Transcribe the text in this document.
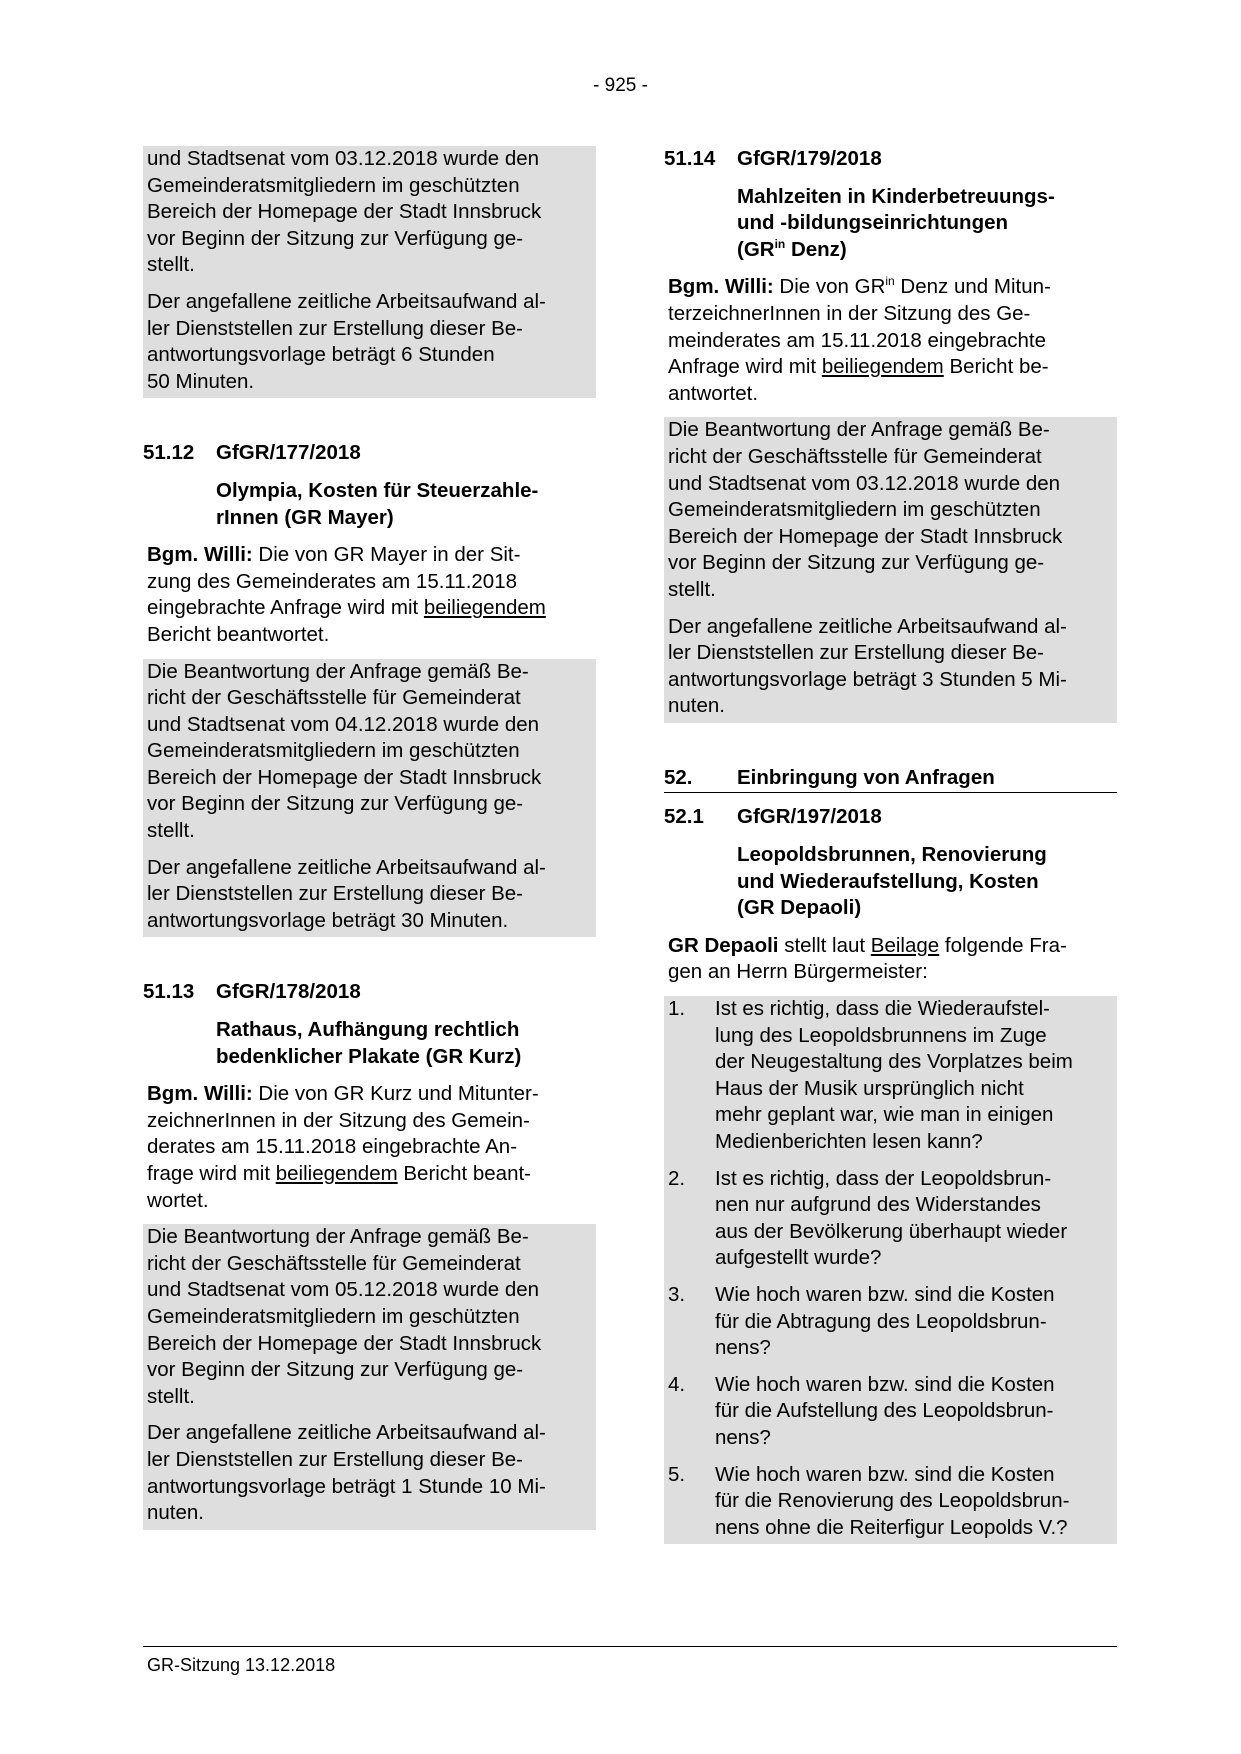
- 925 -

und Stadtsenat vom 03.12.2018 wurde den
Gemeinderatsmitgliedern im geschützten
Bereich der Homepage der Stadt Innsbruck
vor Beginn der Sitzung zur Verfügung ge-
stellt.

Der angefallene zeitliche Arbeitsaufwand al-
ler Dienststellen zur Erstellung dieser Be-
antwortungsvorlage beträgt 6 Stunden
50 Minuten.

51.12	GfGR/177/2018
Olympia, Kosten für Steuerzahle-
rInnen (GR Mayer)

Bgm. Willi: Die von GR Mayer in der Sit-
zung des Gemeinderates am 15.11.2018
eingebrachte Anfrage wird mit beiliegendem
Bericht beantwortet.

Die Beantwortung der Anfrage gemäß Be-
richt der Geschäftsstelle für Gemeinderat
und Stadtsenat vom 04.12.2018 wurde den
Gemeinderatsmitgliedern im geschützten
Bereich der Homepage der Stadt Innsbruck
vor Beginn der Sitzung zur Verfügung ge-
stellt.

Der angefallene zeitliche Arbeitsaufwand al-
ler Dienststellen zur Erstellung dieser Be-
antwortungsvorlage beträgt 30 Minuten.

51.13	GfGR/178/2018
Rathaus, Aufhängung rechtlich
bedenklicher Plakate (GR Kurz)

Bgm. Willi: Die von GR Kurz und Mitunter-
zeichnerInnen in der Sitzung des Gemein-
derates am 15.11.2018 eingebrachte An-
frage wird mit beiliegendem Bericht beant-
wortet.

Die Beantwortung der Anfrage gemäß Be-
richt der Geschäftsstelle für Gemeinderat
und Stadtsenat vom 05.12.2018 wurde den
Gemeinderatsmitgliedern im geschützten
Bereich der Homepage der Stadt Innsbruck
vor Beginn der Sitzung zur Verfügung ge-
stellt.

Der angefallene zeitliche Arbeitsaufwand al-
ler Dienststellen zur Erstellung dieser Be-
antwortungsvorlage beträgt 1 Stunde 10 Mi-
nuten.

51.14	GfGR/179/2018
Mahlzeiten in Kinderbetreuungs-
und -bildungseinrichtungen
($GR^{in}$ Denz)

Bgm. Willi: Die von $GR^{in}$ Denz und Mitun-
terzeichnerInnen in der Sitzung des Ge-
meinderates am 15.11.2018 eingebrachte
Anfrage wird mit beiliegendem Bericht be-
antwortet.

Die Beantwortung der Anfrage gemäß Be-
richt der Geschäftsstelle für Gemeinderat
und Stadtsenat vom 03.12.2018 wurde den
Gemeinderatsmitgliedern im geschützten
Bereich der Homepage der Stadt Innsbruck
vor Beginn der Sitzung zur Verfügung ge-
stellt.

Der angefallene zeitliche Arbeitsaufwand al-
ler Dienststellen zur Erstellung dieser Be-
antwortungsvorlage beträgt 3 Stunden 5 Mi-
nuten.

52.	Einbringung von Anfragen
52.1	GfGR/197/2018
Leopoldsbrunnen, Renovierung
und Wiederaufstellung, Kosten
(GR Depaoli)

GR Depaoli stellt laut Beilage folgende Fra-
gen an Herrn Bürgermeister:

1.	Ist es richtig, dass die Wiederaufstel-
lung des Leopoldsbrunnens im Zuge
der Neugestaltung des Vorplatzes beim
Haus der Musik ursprünglich nicht
mehr geplant war, wie man in einigen
Medienberichten lesen kann?
2.	Ist es richtig, dass der Leopoldsbrun-
nen nur aufgrund des Widerstandes
aus der Bevölkerung überhaupt wieder
aufgestellt wurde?
3.	Wie hoch waren bzw. sind die Kosten
für die Abtragung des Leopoldsbrun-
nens?
4.	Wie hoch waren bzw. sind die Kosten
für die Aufstellung des Leopoldsbrun-
nens?
5.	Wie hoch waren bzw. sind die Kosten
für die Renovierung des Leopoldsbrun-
nens ohne die Reiterfigur Leopolds V.?
GR-Sitzung 13.12.2018
